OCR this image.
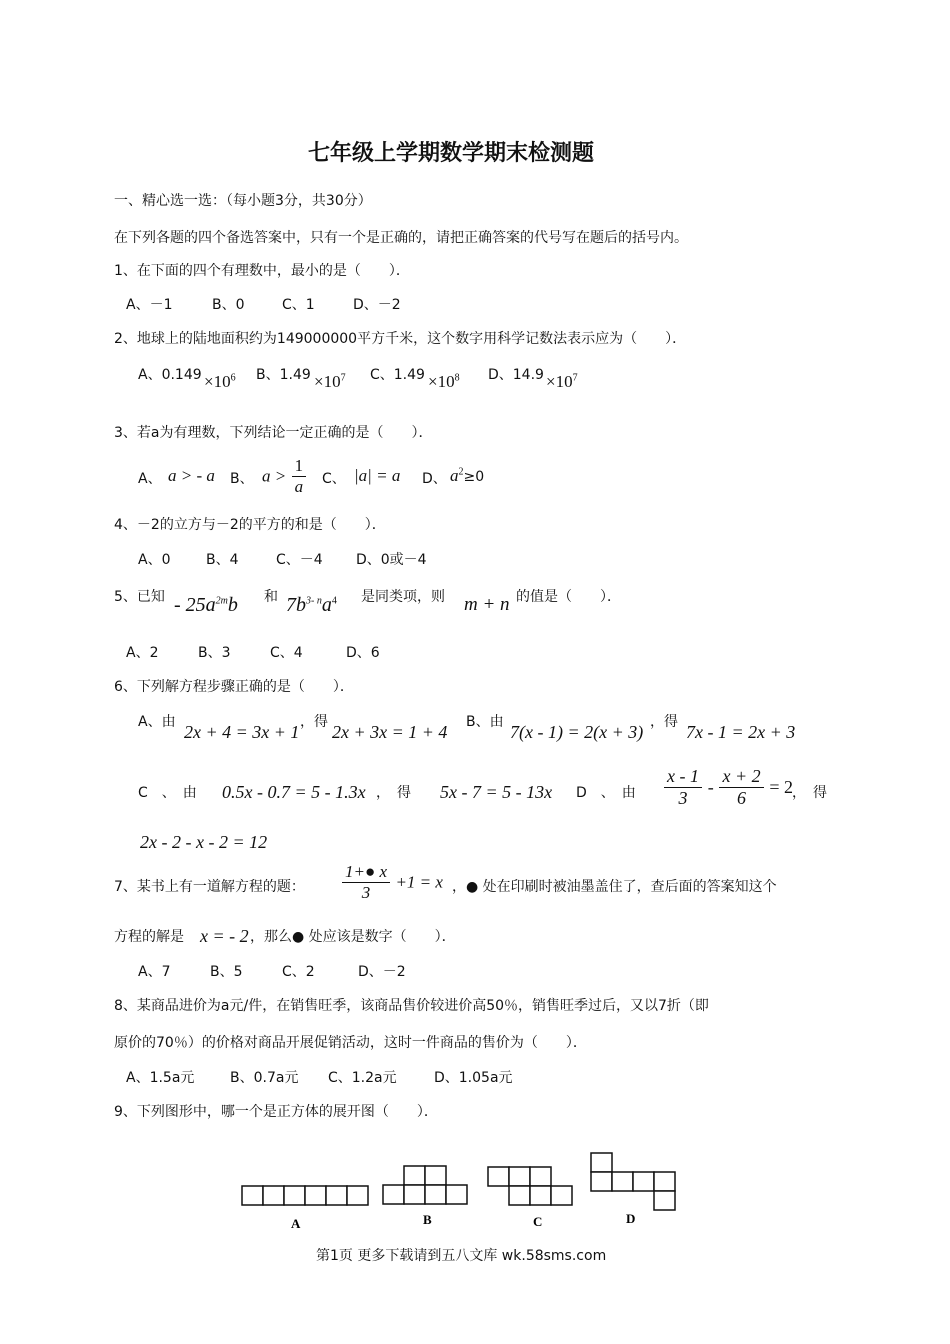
七年级上学期数学期末检测题
一、精心选一选：（每小题3分，共30分）
在下列各题的四个备选答案中，只有一个是正确的，请把正确答案的代号写在题后的括号内。
1、在下面的四个有理数中，最小的是（　　）．
A、－1	B、0	C、1	D、－2
2、地球上的陆地面积约为149000000平方千米，这个数字用科学记数法表示应为（　　）．
A、$0.149 \times 10^6$ B、$1.49 \times 10^7$ C、$1.49 \times 10^8$ D、$14.9 \times 10^7$
3、若a为有理数，下列结论一定正确的是（　　）．
A、 a > - a B、 $a > \frac{1}{a}$ C、 |a| = a D、 $a^2\ge 0$
4、－2的立方与－2的平方的和是（　　）．
A、0	B、4	C、－4 D、0或－4
5、已知 - $25a^{2m}b$ 和 $7b^{3- n}a^4$ 是同类项，则 m + n 的值是（　　）．
A、2	B、3	C、4	D、6
6、下列解方程步骤正确的是（　　）．
A、由 2x + 4 = 3x + 1 ，得 2x + 3x = 1 + 4 B、由 7(x - 1) = 2(x + 3) ，得 7x - 1 = 2x + 3
C　、　由 0.5x - 0.7 = 5 - 1.3x ，　得 5x - 7 = 5 - 13x D　、　由 $\frac{x - 1}{3} - \frac{x + 2}{6} = 2$ ，　得
2x - 2 - x - 2 = 12
7、某书上有一道解方程的题： $\frac{1+● x}{3} +1 = x$ ，● 处在印刷时被油墨盖住了，查后面的答案知这个
方程的解是 x = - 2 ，那么● 处应该是数字（　　）．
A、7	B、5	C、2	D、－2
8、某商品进价为a元/件，在销售旺季，该商品售价较进价高50％，销售旺季过后，又以7折（即
原价的70％）的价格对商品开展促销活动，这时一件商品的售价为（　　）．
A、1.5a元	B、0.7a元 C、1.2a元	D、1.05a元
9、下列图形中，哪一个是正方体的展开图（　　）．
A	B	C	D
第1页 更多下载请到五八文库 wk.58sms.com
